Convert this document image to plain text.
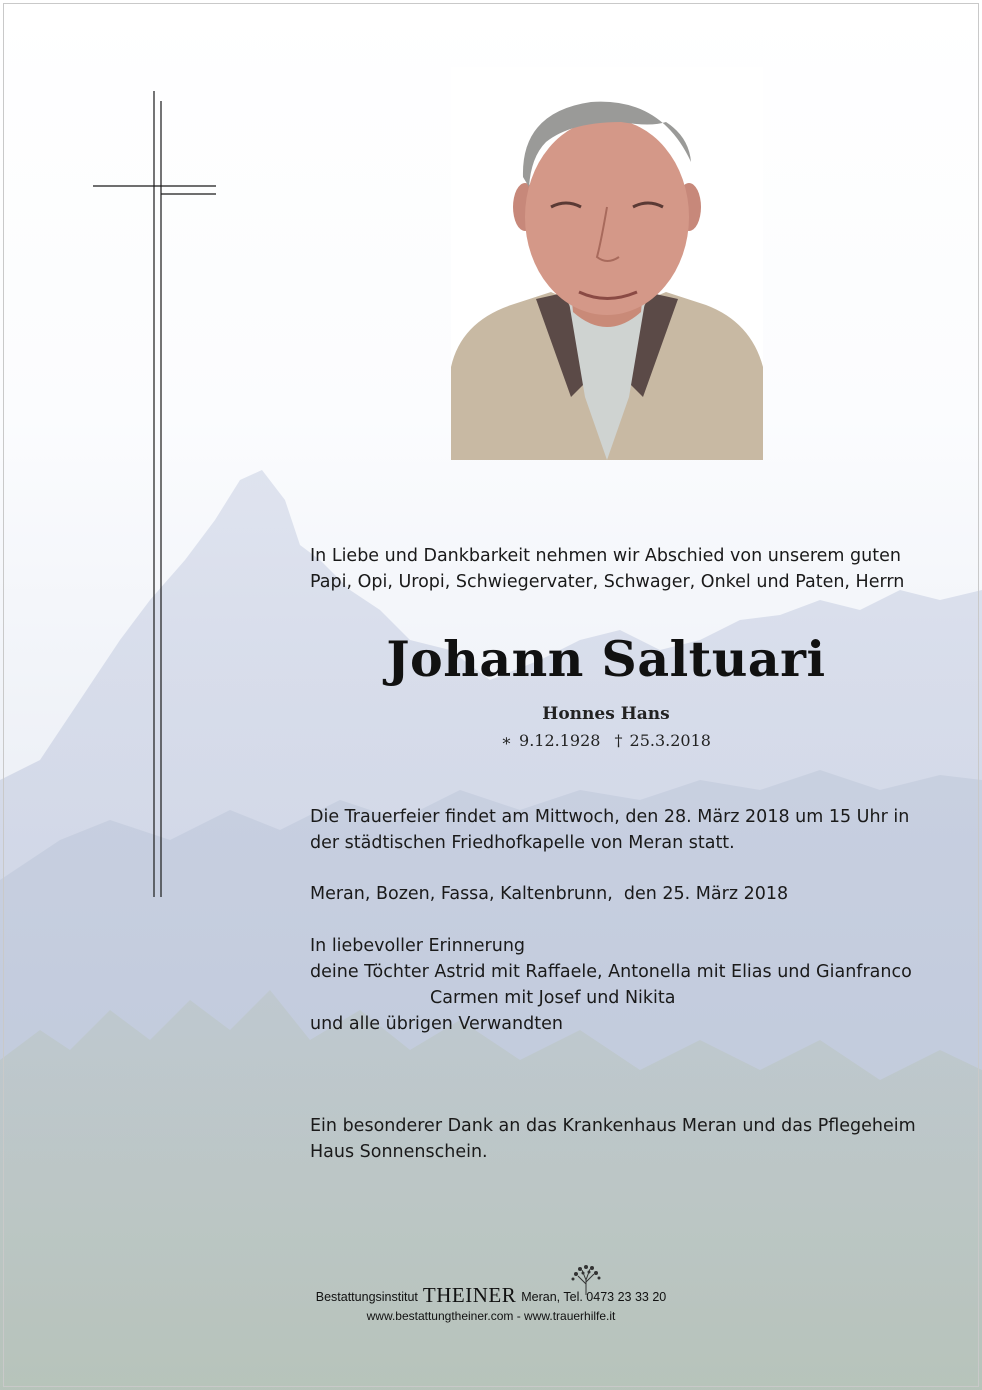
In Liebe und Dankbarkeit nehmen wir Abschied von unserem guten
Papi, Opi, Uropi, Schwiegervater, Schwager, Onkel und Paten, Herrn
Johann Saltuari
Honnes Hans
∗ 9.12.1928 † 25.3.2018
Die Trauerfeier findet am Mittwoch, den 28. März 2018 um 15 Uhr in
der städtischen Friedhofkapelle von Meran statt.
Meran, Bozen, Fassa, Kaltenbrunn,  den 25. März 2018
In liebevoller Erinnerung
deine Töchter Astrid mit Raffaele, Antonella mit Elias und Gianfranco
Carmen mit Josef und Nikita
und alle übrigen Verwandten
Ein besonderer Dank an das Krankenhaus Meran und das Pflegeheim
Haus Sonnenschein.
Bestattungsinstitut THEINER Meran, Tel. 0473 23 33 20
www.bestattungtheiner.com - www.trauerhilfe.it
